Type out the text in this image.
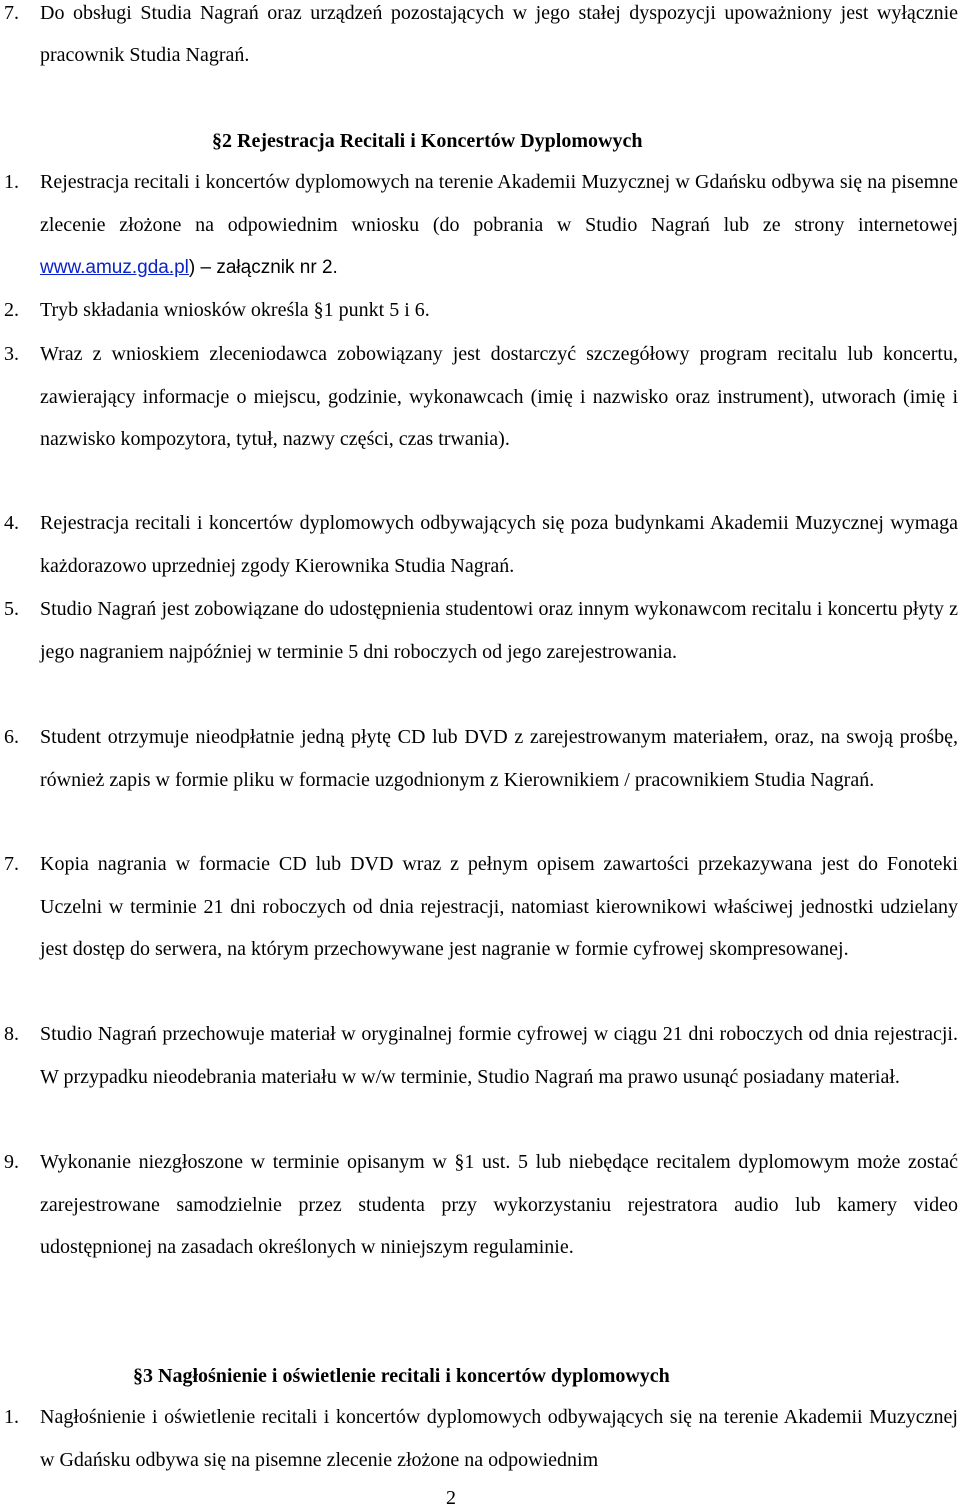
7. Do obsługi Studia Nagrań oraz urządzeń pozostających w jego stałej dyspozycji upoważniony jest wyłącznie pracownik Studia Nagrań.
§2 Rejestracja Recitali i Koncertów Dyplomowych
1. Rejestracja recitali i koncertów dyplomowych na terenie Akademii Muzycznej w Gdańsku odbywa się na pisemne zlecenie złożone na odpowiednim wniosku (do pobrania w Studio Nagrań lub ze strony internetowej www.amuz.gda.pl) – załącznik nr 2.
2. Tryb składania wniosków określa §1 punkt 5 i 6.
3. Wraz z wnioskiem zleceniodawca zobowiązany jest dostarczyć szczegółowy program recitalu lub koncertu, zawierający informacje o miejscu, godzinie, wykonawcach (imię i nazwisko oraz instrument), utworach (imię i nazwisko kompozytora, tytuł, nazwy części, czas trwania).
4. Rejestracja recitali i koncertów dyplomowych odbywających się poza budynkami Akademii Muzycznej wymaga każdorazowo uprzedniej zgody Kierownika Studia Nagrań.
5. Studio Nagrań jest zobowiązane do udostępnienia studentowi oraz innym wykonawcom recitalu i koncertu płyty z jego nagraniem najpóźniej w terminie 5 dni roboczych od jego zarejestrowania.
6. Student otrzymuje nieodpłatnie jedną płytę CD lub DVD z zarejestrowanym materiałem, oraz, na swoją prośbę, również zapis w formie pliku w formacie uzgodnionym z Kierownikiem / pracownikiem Studia Nagrań.
7. Kopia nagrania w formacie CD lub DVD wraz z pełnym opisem zawartości przekazywana jest do Fonoteki Uczelni w terminie 21 dni roboczych od dnia rejestracji, natomiast kierownikowi właściwej jednostki udzielany jest dostęp do serwera, na którym przechowywane jest nagranie w formie cyfrowej skompresowanej.
8. Studio Nagrań przechowuje materiał w oryginalnej formie cyfrowej w ciągu 21 dni roboczych od dnia rejestracji. W przypadku nieodebrania materiału w w/w terminie, Studio Nagrań ma prawo usunąć posiadany materiał.
9. Wykonanie niezgłoszone w terminie opisanym w §1 ust. 5 lub niebędące recitalem dyplomowym może zostać zarejestrowane samodzielnie przez studenta przy wykorzystaniu rejestratora audio lub kamery video udostępnionej na zasadach określonych w niniejszym regulaminie.
§3 Nagłośnienie i oświetlenie recitali i koncertów dyplomowych
1. Nagłośnienie i oświetlenie recitali i koncertów dyplomowych odbywających się na terenie Akademii Muzycznej w Gdańsku odbywa się na pisemne zlecenie złożone na odpowiednim
2
